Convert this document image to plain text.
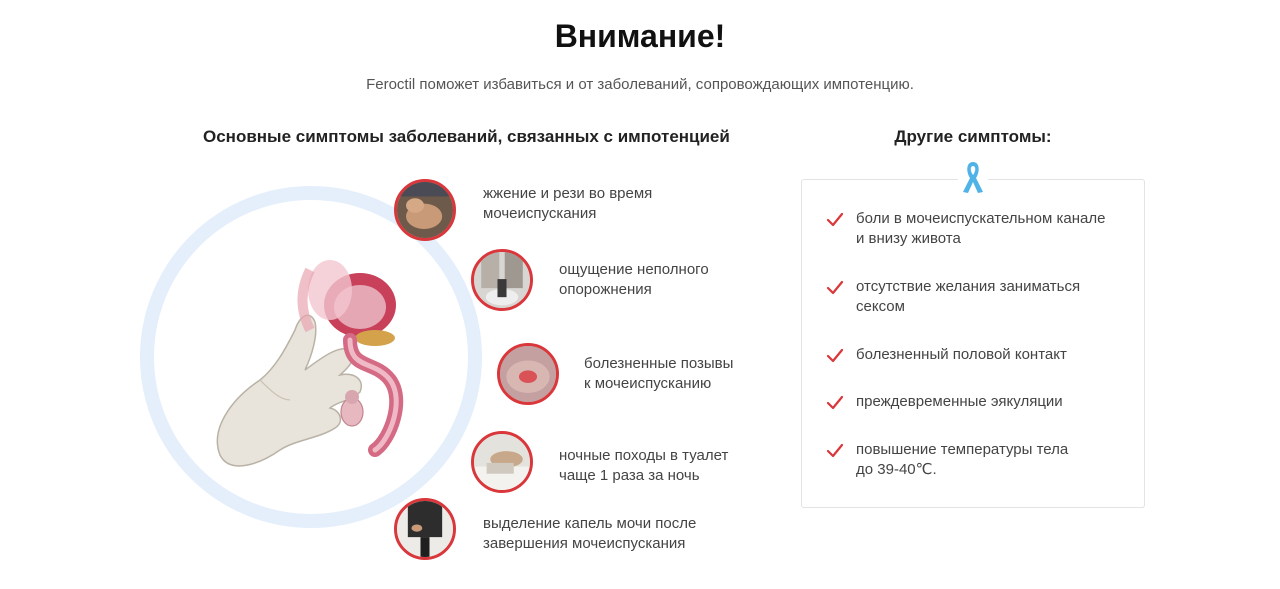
Внимание!
Feroctil поможет избавиться и от заболеваний, сопровождающих импотенцию.
Основные симптомы заболеваний, связанных с импотенцией	Другие симптомы:
жжение и рези во время
мочеиспускания
ощущение неполного
опорожнения
болезненные позывы
к мочеиспусканию
ночные походы в туалет
чаще 1 раза за ночь
выделение капель мочи после
завершения мочеиспускания
боли в мочеиспускательном канале
и внизу живота
отсутствие желания заниматься
сексом
болезненный половой контакт
преждевременные эякуляции
повышение температуры тела
до 39-40℃.
